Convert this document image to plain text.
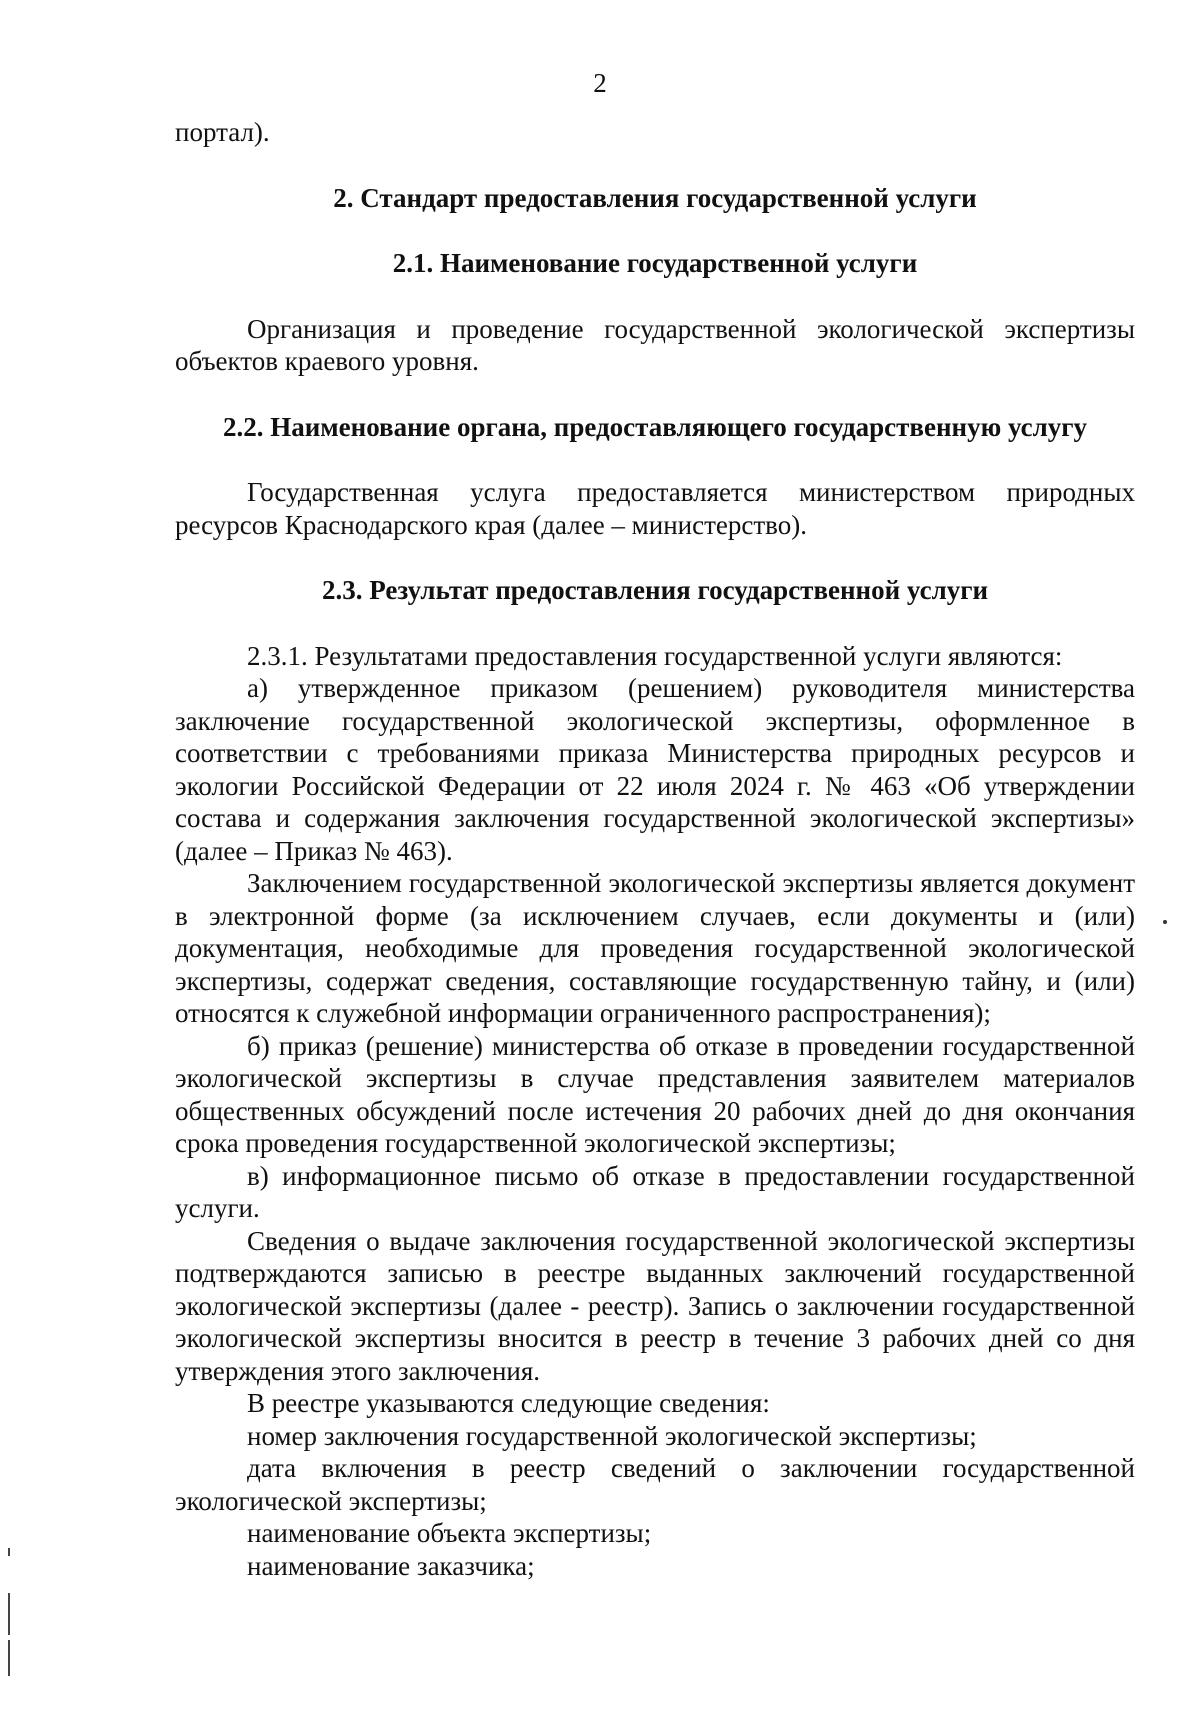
2

портал).

2. Стандарт предоставления государственной услуги
2.1. Наименование государственной услуги

Организация и проведение государственной экологической экспертизы объектов краевого уровня.

2.2. Наименование органа, предоставляющего государственную услугу

Государственная услуга предоставляется министерством природных ресурсов Краснодарского края (далее – министерство).

2.3. Результат предоставления государственной услуги

2.3.1. Результатами предоставления государственной услуги являются:

а) утвержденное приказом (решением) руководителя министерства заключение государственной экологической экспертизы, оформленное в соответствии с требованиями приказа Министерства природных ресурсов и экологии Российской Федерации от 22 июля 2024 г. № 463 «Об утверждении состава и содержания заключения государственной экологической экспертизы» (далее – Приказ № 463).

Заключением государственной экологической экспертизы является документ в электронной форме (за исключением случаев, если документы и (или) документация, необходимые для проведения государственной экологической экспертизы, содержат сведения, составляющие государственную тайну, и (или) относятся к служебной информации ограниченного распространения);

б) приказ (решение) министерства об отказе в проведении государственной экологической экспертизы в случае представления заявителем материалов общественных обсуждений после истечения 20 рабочих дней до дня окончания срока проведения государственной экологической экспертизы;

в) информационное письмо об отказе в предоставлении государственной услуги.

Сведения о выдаче заключения государственной экологической экспертизы подтверждаются записью в реестре выданных заключений государственной экологической экспертизы (далее - реестр). Запись о заключении государственной экологической экспертизы вносится в реестр в течение 3 рабочих дней со дня утверждения этого заключения.

В реестре указываются следующие сведения:

номер заключения государственной экологической экспертизы;

дата включения в реестр сведений о заключении государственной экологической экспертизы;

наименование объекта экспертизы;

наименование заказчика;
